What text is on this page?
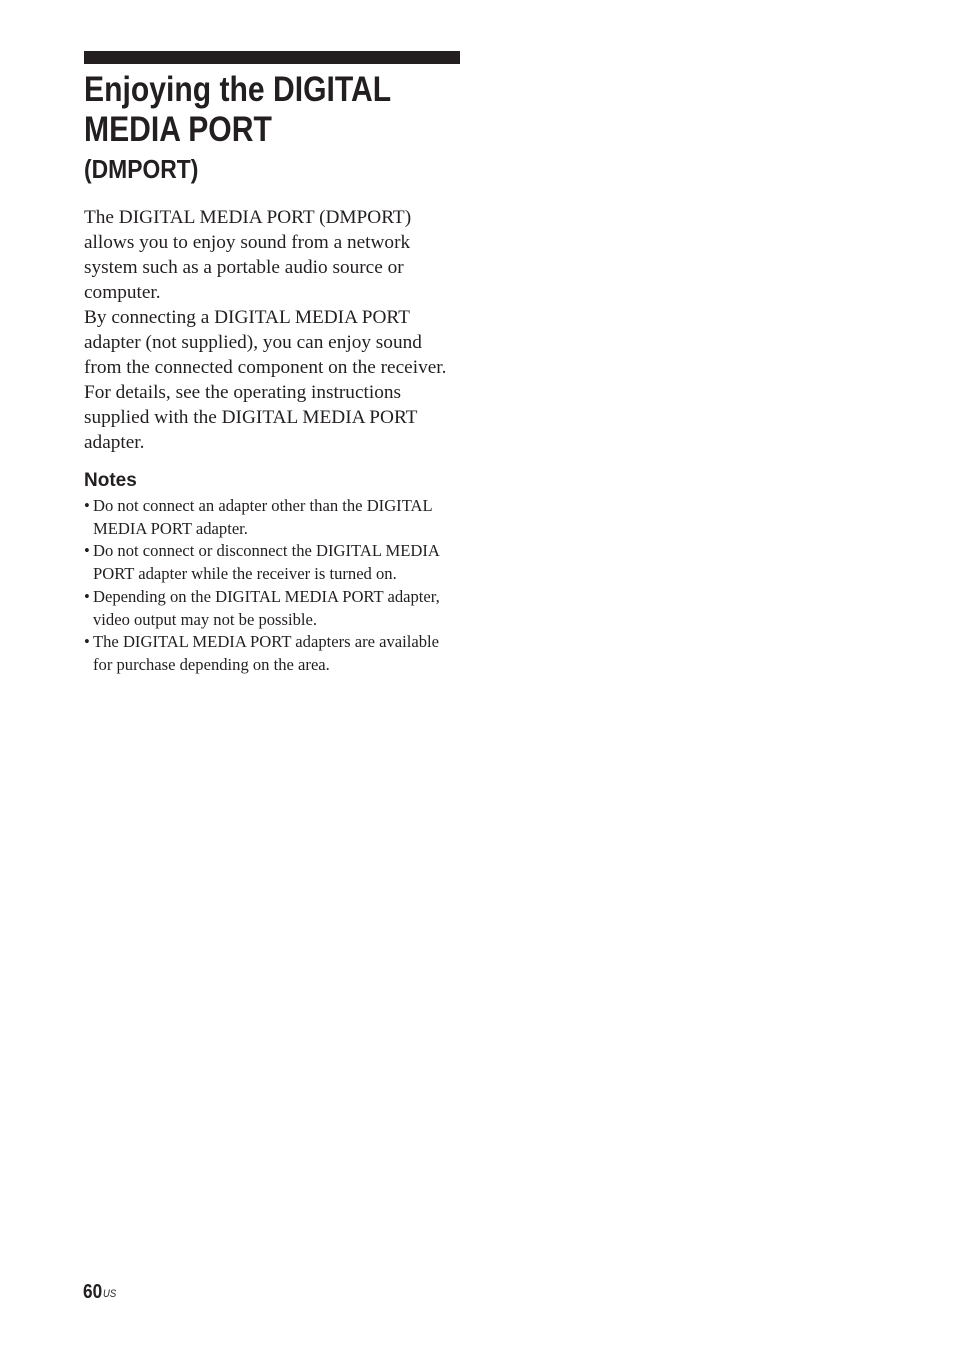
Enjoying the DIGITAL
MEDIA PORT
(DMPORT)

The DIGITAL MEDIA PORT (DMPORT) allows you to enjoy sound from a network system such as a portable audio source or computer.

By connecting a DIGITAL MEDIA PORT adapter (not supplied), you can enjoy sound from the connected component on the receiver.

For details, see the operating instructions supplied with the DIGITAL MEDIA PORT adapter.

Notes
• Do not connect an adapter other than the DIGITAL MEDIA PORT adapter.
• Do not connect or disconnect the DIGITAL MEDIA PORT adapter while the receiver is turned on.
• Depending on the DIGITAL MEDIA PORT adapter, video output may not be possible.
• The DIGITAL MEDIA PORT adapters are available for purchase depending on the area.
$60^{US}$
